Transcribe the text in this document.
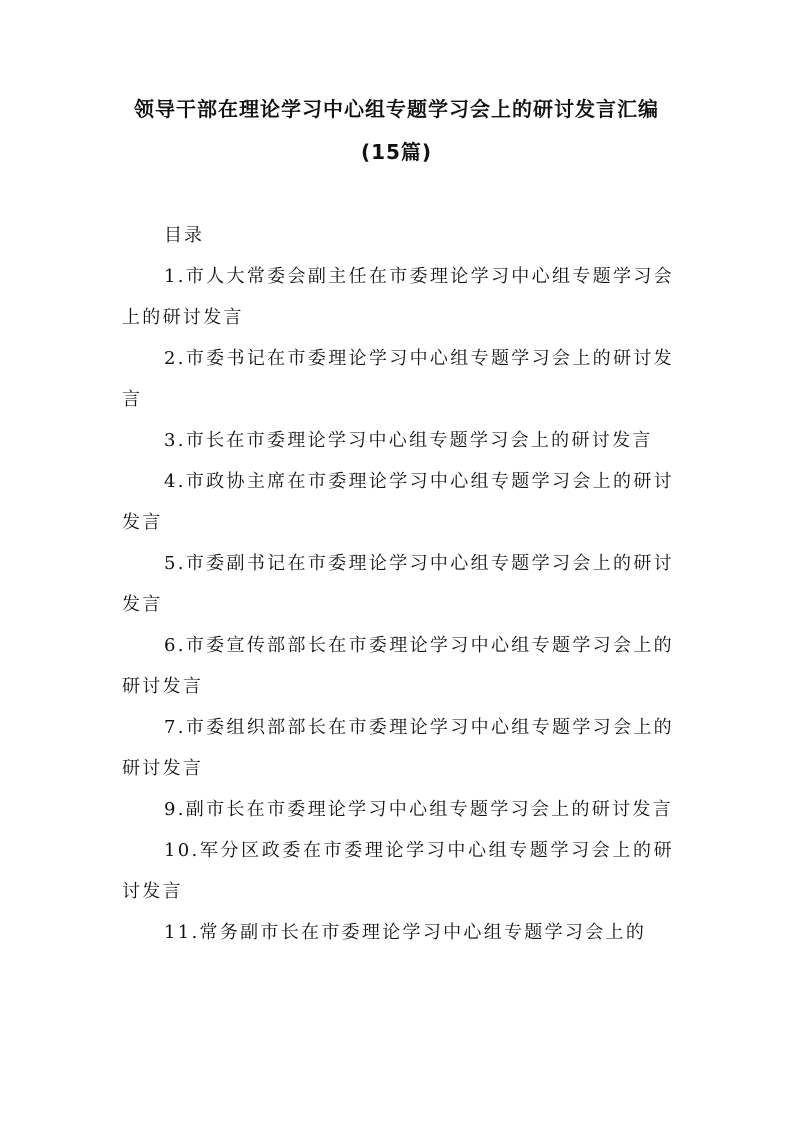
领导干部在理论学习中心组专题学习会上的研讨发言汇编
(15篇)
目录
1.市人大常委会副主任在市委理论学习中心组专题学习会上的研讨发言
2.市委书记在市委理论学习中心组专题学习会上的研讨发言
3.市长在市委理论学习中心组专题学习会上的研讨发言
4.市政协主席在市委理论学习中心组专题学习会上的研讨发言
5.市委副书记在市委理论学习中心组专题学习会上的研讨发言
6.市委宣传部部长在市委理论学习中心组专题学习会上的研讨发言
7.市委组织部部长在市委理论学习中心组专题学习会上的研讨发言
9.副市长在市委理论学习中心组专题学习会上的研讨发言
10.军分区政委在市委理论学习中心组专题学习会上的研讨发言
11.常务副市长在市委理论学习中心组专题学习会上的
